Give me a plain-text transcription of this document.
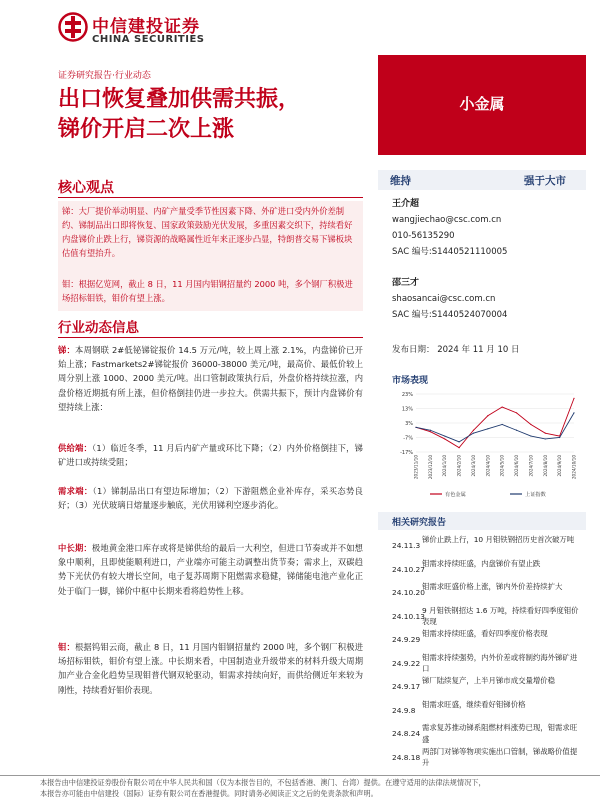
中信建投证券
CHINA SECURITIES
证券研究报告·行业动态
出口恢复叠加供需共振，
锑价开启二次上涨
小金属
核心观点
锑：大厂提价举动明显、内矿产量受季节性因素下降、外矿进口受内外价差制约、锑制品出口即将恢复、国家政策鼓励光伏发展，多重因素交织下，持续看好内盘锑价止跌上行，锑资源的战略属性近年来正逐步凸显，特朗普交易下锑板块估值有望抬升。
钼：根据亿览网，截止 8 日，11 月国内钼钢招量约 2000 吨，多个钢厂积极进场招标钼铁，钼价有望上涨。
行业动态信息
锑：本周钢联 2#低铋锑锭报价 14.5 万元/吨，较上周上涨 2.1%，内盘锑价已开始上涨；Fastmarkets2#锑锭报价 36000-38000 美元/吨，最高价、最低价较上周分别上涨 1000、2000 美元/吨。出口管制政策执行后，外盘价格持续拉涨，内盘价格近期抵有所上涨，但价格倒挂仍进一步拉大。供需共振下，预计内盘锑价有望持续上涨：
供给端：（1）临近冬季，11 月后内矿产量或环比下降；（2）内外价格倒挂下，锑矿进口或持续受阻；
需求端：（1）锑制品出口有望边际增加；（2）下游阻燃企业补库存，采买态势良好；（3）光伏玻璃日熔量逐步触底，光伏用锑利空逐步消化。
中长期：极地黄金港口库存或将是锑供给的最后一大利空，但进口节奏或并不如想象中顺利，且即使能顺利进口，产业端亦可能主动调整出货节奏；需求上，双碳趋势下光伏仍有较大增长空间，电子复苏周期下阻燃需求稳健，锑储能电池产业化正处于临门一脚，锑价中枢中长期来看将趋势性上移。
钼：根据钨钼云商，截止 8 日，11 月国内钼钢招量约 2000 吨，多个钢厂积极进场招标钼铁，钼价有望上涨。中长期来看，中国制造业升级带来的材料升级大周期加产业合金化趋势呈现钼普代钢双轮驱动，钼需求持续向好，而供给侧近年来较为刚性，持续看好钼价表现。
维持	强于大市
王介超
wangjiechao@csc.com.cn
010-56135290
SAC 编号:S1440521110005
邵三才
shaosancai@csc.com.cn
SAC 编号:S1440524070004
发布日期： 2024 年 11 月 10 日
市场表现
23%
13%
3%
-7%
-17%
2023/11/10 2023/12/10 2024/1/10 2024/2/10 2024/3/10 2024/4/10 2024/5/10 2024/6/10 2024/7/10 2024/8/10 2024/9/10 2024/10/10
有色金属	上证指数
相关研究报告
24.11.3
锑价止跌上行，10 月钼铁钢招历史首次破万吨
24.10.27
钼需求持续旺盛，内盘锑价有望止跌
24.10.20
钼需求旺盛价格上涨，锑内外价差持续扩大
24.10.13
9 月钼铁钢招达 1.6 万吨，持续看好四季度钼价表现
24.9.29
钼需求持续旺盛，看好四季度价格表现
24.9.22
钼需求持续强势，内外价差或将制约海外锑矿进口
24.9.17
锑厂陆续复产，上半月锑市成交量增价稳
24.9.8
钼需求旺盛，继续看好钼锑价格
24.8.24
需求复苏推动锑系阻燃材料涨势已现，钼需求旺盛
24.8.18
两部门对锑等物项实施出口管制，锑战略价值提升
本报告由中信建投证券股份有限公司在中华人民共和国（仅为本报告目的，不包括香港、澳门、台湾）提供。在遵守适用的法律法规情况下，
本报告亦可能由中信建投（国际）证券有限公司在香港提供。同时请务必阅读正文之后的免责条款和声明。
